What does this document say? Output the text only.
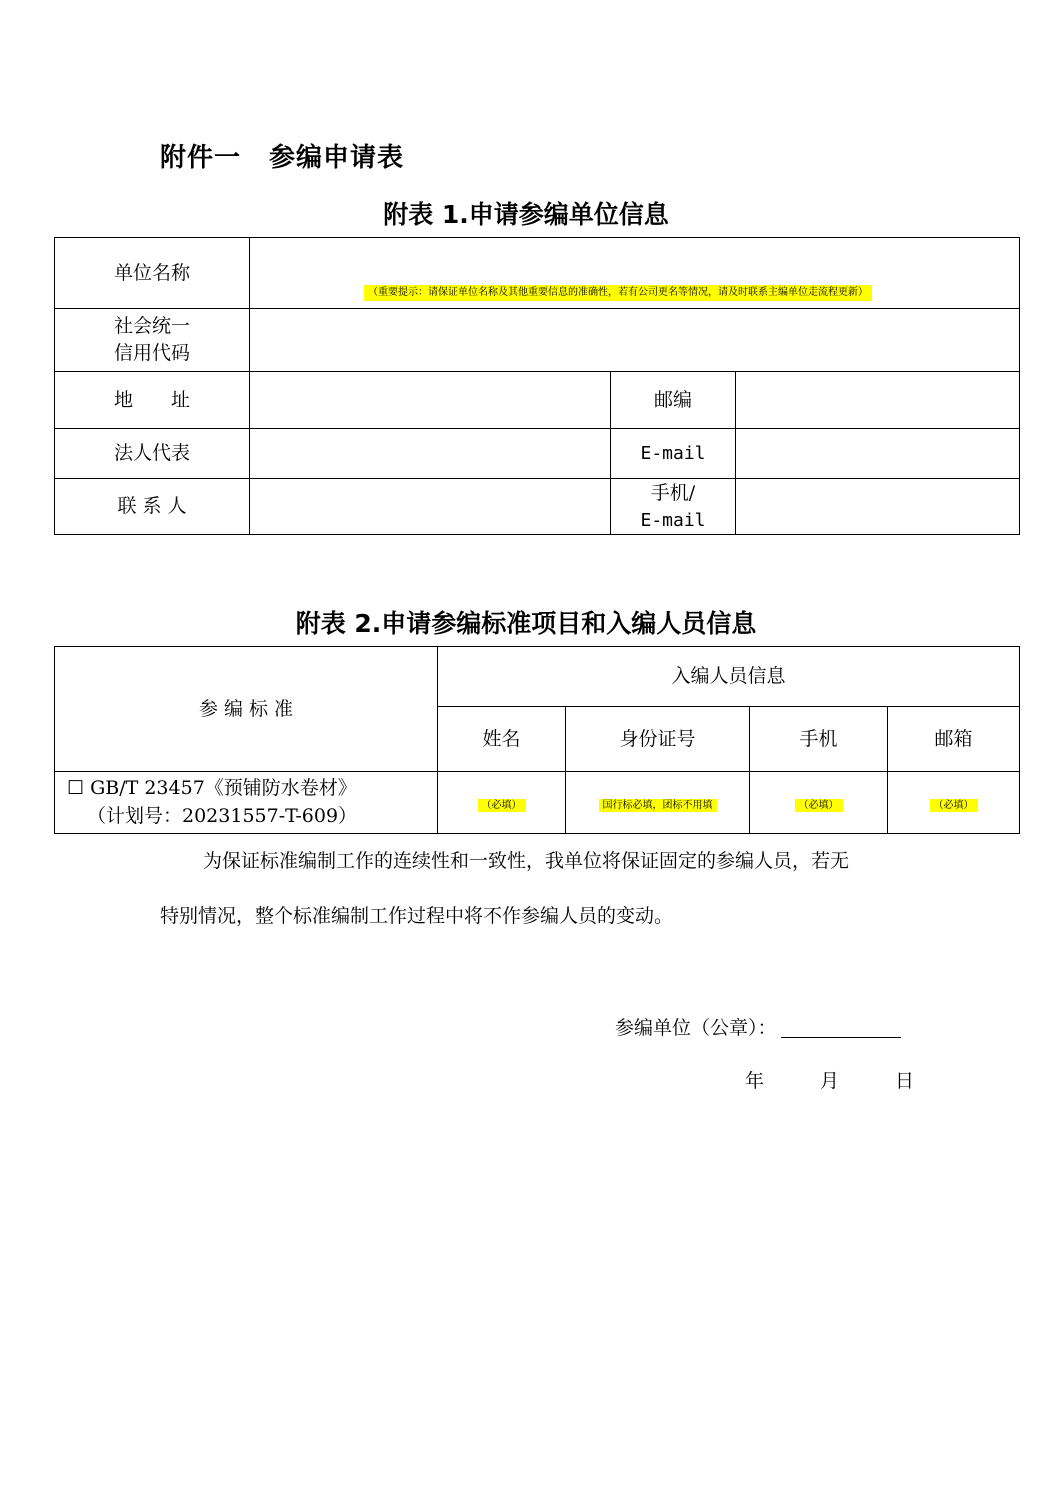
附件一 参编申请表
附表 1.申请参编单位信息
单位名称	（重要提示：请保证单位名称及其他重要信息的准确性，若有公司更名等情况，请及时联系主编单位走流程更新）		

社会统一
信用代码			
地　　址		邮编	
法人代表		E-mail	
联 系 人		手机/
E-mail	
附表 2.申请参编标准项目和入编人员信息
参 编 标 准	入编人员信息			
	姓名	身份证号	手机	邮箱
☐ GB/T 23457《预铺防水卷材》
（计划号：20231557-T-609）	（必填）	国行标必填，团标不用填	（必填）	（必填）
为保证标准编制工作的连续性和一致性，我单位将保证固定的参编人员，若无
特别情况，整个标准编制工作过程中将不作参编人员的变动。
参编单位（公章）：
年	月	日
